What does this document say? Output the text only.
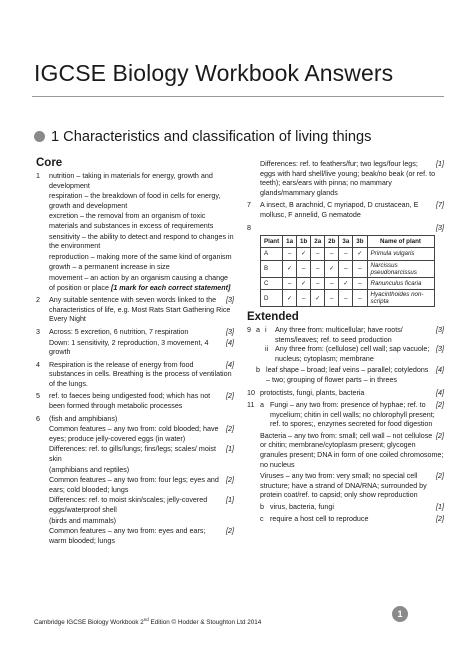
IGCSE Biology Workbook Answers
1 Characteristics and classification of living things
Core
1 nutrition – taking in materials for energy, growth and development
respiration – the breakdown of food in cells for energy, growth and development
excretion – the removal from an organism of toxic materials and substances in excess of requirements
sensitivity – the ability to detect and respond to changes in the environment
reproduction – making more of the same kind of organism
growth – a permanent increase in size
movement – an action by an organism causing a change of position or place [1 mark for each correct statement]
2	[3]
Any suitable sentence with seven words linked to the characteristics of life, e.g. Most Rats Start Gathering Rice Every Night
3	[3]
Across: 5 excretion, 6 nutrition, 7 respiration
[4]
Down: 1 sensitivity, 2 reproduction, 3 movement, 4 growth
4	[4]
Respiration is the release of energy from food substances in cells. Breathing is the process of ventilation of the lungs.
5	[2]
ref. to faeces being undigested food; which has not been formed through metabolic processes
6 (fish and amphibians)
[2]
Common features – any two from: cold blooded; have eyes; produce jelly-covered eggs (in water)
[1]
Differences: ref. to gills/lungs; fins/legs; scales/ moist skin
(amphibians and reptiles)
[2]
Common features – any two from: four legs; eyes and ears; cold blooded; lungs
[1]
Differences: ref. to moist skin/scales; jelly-covered eggs/waterproof shell
(birds and mammals)
[2]
Common features – any two from: eyes and ears; warm blooded; lungs
[1]
Differences: ref. to feathers/fur; two legs/four legs; eggs with hard shell/live young; beak/no beak (or ref. to teeth); ears/ears with pinna; no mammary glands/mammary glands
7	[7]
A insect, B arachnid, C myriapod, D crustacean, E mollusc, F annelid, G nematode
8	[3]
Plant	1a	1b	2a	2b	3a	3b	Name of plant
A	–	✓	–	–	–	✓	Primula vulgaris
B	✓	–	–	✓	–	–	Narcissus pseudonarcissus
C	–	✓	–	–	✓	–	Ranunculus ficaria
D	✓	–	✓	–	–	–	Hyacinthoides non-scripta
Extended
9 a i	[3]
Any three from: multicellular; have roots/ stems/leaves; ref. to seed production
ii	[3]
Any three from: (cellulose) cell wall; sap vacuole; nucleus; cytoplasm; membrane
b	[4]
leaf shape – broad; leaf veins – parallel; cotyledons – two; grouping of flower parts – in threes
10	[4]
protoctists, fungi, plants, bacteria
11 a	[2]
Fungi – any two from: presence of hyphae; ref. to mycelium; chitin in cell walls; no chlorophyll present; ref. to spores;, enzymes secreted for food digestion
[2]
Bacteria – any two from: small; cell wall – not cellulose or chitin; membrane/cytoplasm present; glycogen granules present; DNA in form of one coiled chromosome; no nucleus
[2]
Viruses – any two from: very small; no special cell structure; have a strand of DNA/RNA; surrounded by protein coat/ref. to capsid; only show reproduction
b	[1]
virus, bacteria, fungi
c	[2]
require a host cell to reproduce
Cambridge IGCSE Biology Workbook 2nd Edition © Hodder & Stoughton Ltd 2014
1
